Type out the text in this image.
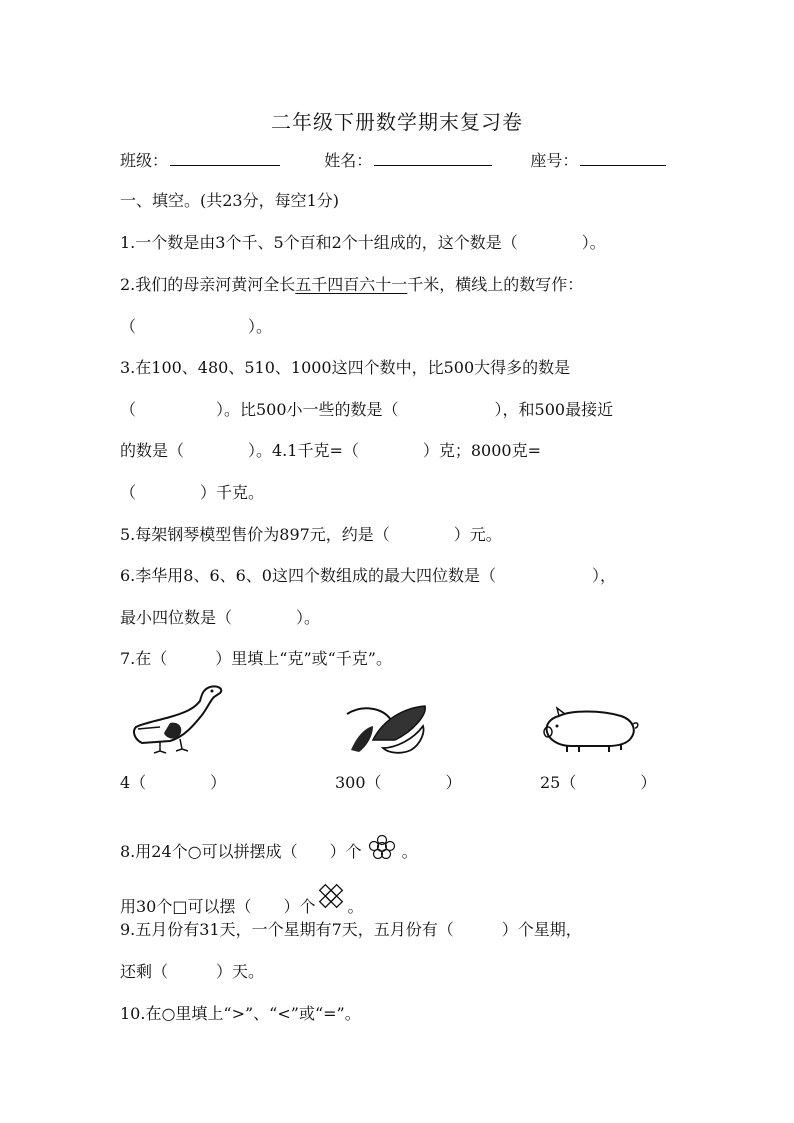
二年级下册数学期末复习卷
班级：	姓名：	座号：
一、填空。(共23分，每空1分)
1.一个数是由3个千、5个百和2个十组成的，这个数是（　　　　）。
2.我们的母亲河黄河全长五千四百六十一千米，横线上的数写作：
（　　　　　　　）。
3.在100、480、510、1000这四个数中，比500大得多的数是
（　　　　　）。比500小一些的数是（　　　　　　），和500最接近
的数是（　　　　）。4.1千克=（　　　　）克；8000克=
（　　　　）千克。
5.每架钢琴模型售价为897元，约是（　　　　）元。
6.李华用8、6、6、0这四个数组成的最大四位数是（　　　　　　），
最小四位数是（　　　　）。
7.在（　　　）里填上“克”或“千克”。
4（　　　　）	300（　　　　）	25（　　　　）
8.用24个○可以拼摆成（　　）个	。
用30个□可以摆（　　）个 。
9.五月份有31天，一个星期有7天，五月份有（　　　）个星期，
还剩（　　　）天。
10.在○里填上“>”、“<”或“=”。
